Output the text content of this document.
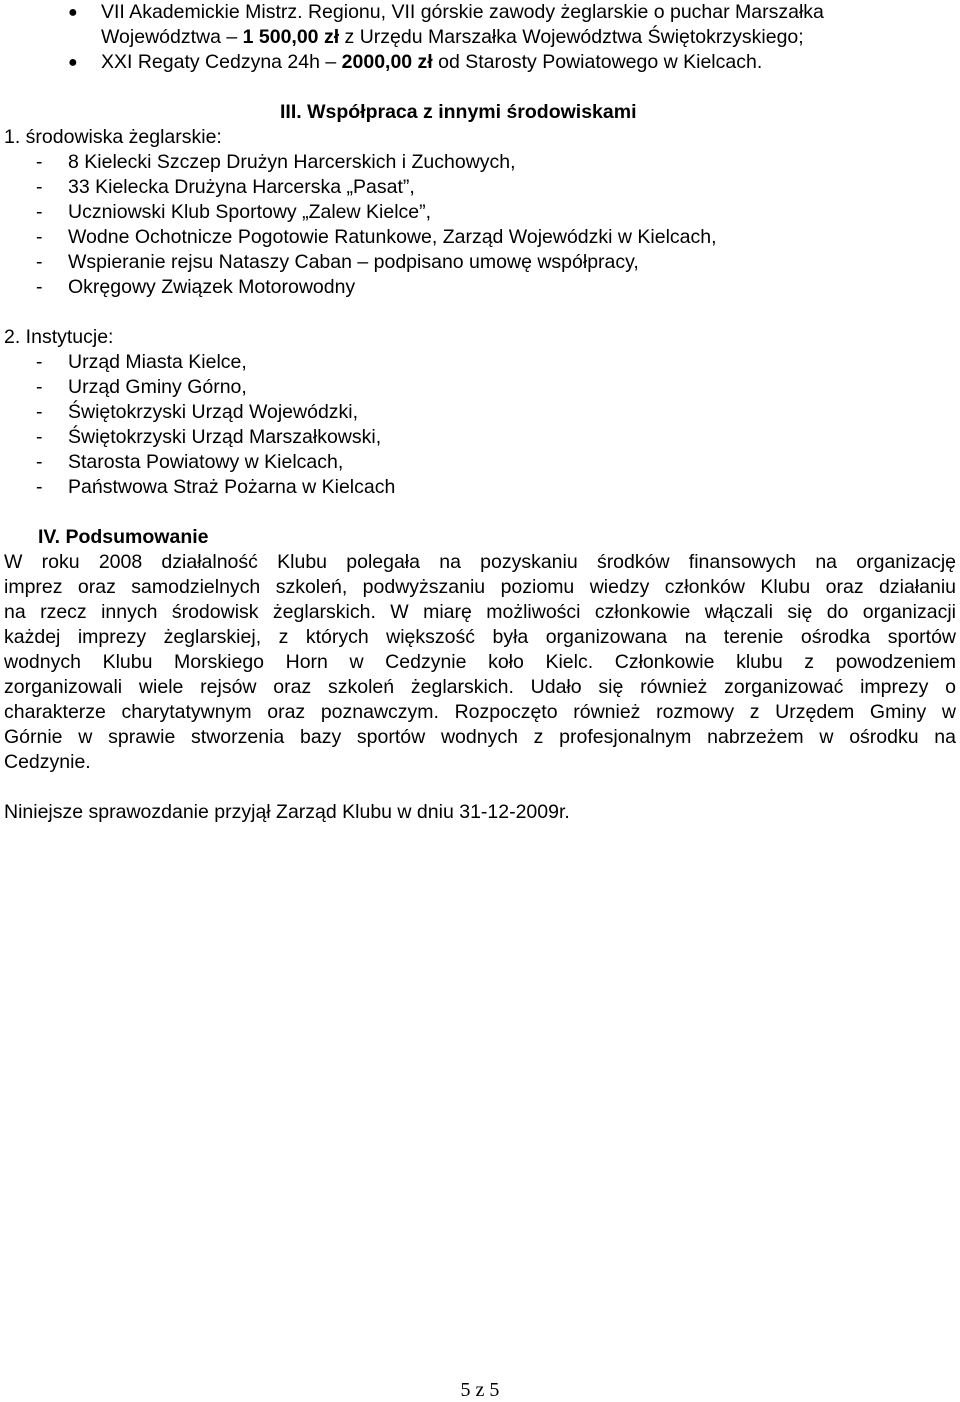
● VII Akademickie Mistrz. Regionu, VII górskie zawody żeglarskie o puchar Marszałka
Województwa – 1 500,00 zł z Urzędu Marszałka Województwa Świętokrzyskiego;
● XXI Regaty Cedzyna 24h – 2000,00 zł od Starosty Powiatowego w Kielcach.
III. Współpraca z innymi środowiskami
1. środowiska żeglarskie:
- 8 Kielecki Szczep Drużyn Harcerskich i Zuchowych,
- 33 Kielecka Drużyna Harcerska „Pasat”,
- Uczniowski Klub Sportowy „Zalew Kielce”,
- Wodne Ochotnicze Pogotowie Ratunkowe, Zarząd Wojewódzki w Kielcach,
- Wspieranie rejsu Nataszy Caban – podpisano umowę współpracy,
- Okręgowy Związek Motorowodny
2. Instytucje:
- Urząd Miasta Kielce,
- Urząd Gminy Górno,
- Świętokrzyski Urząd Wojewódzki,
- Świętokrzyski Urząd Marszałkowski,
- Starosta Powiatowy w Kielcach,
- Państwowa Straż Pożarna w Kielcach
IV. Podsumowanie
W roku 2008 działalność Klubu polegała na pozyskaniu środków finansowych na organizację
imprez oraz samodzielnych szkoleń, podwyższaniu poziomu wiedzy członków Klubu oraz działaniu
na rzecz innych środowisk żeglarskich. W miarę możliwości członkowie włączali się do organizacji
każdej imprezy żeglarskiej, z których większość była organizowana na terenie ośrodka sportów
wodnych Klubu Morskiego Horn w Cedzynie koło Kielc. Członkowie klubu z powodzeniem
zorganizowali wiele rejsów oraz szkoleń żeglarskich. Udało się również zorganizować imprezy o
charakterze charytatywnym oraz poznawczym. Rozpoczęto również rozmowy z Urzędem Gminy w
Górnie w sprawie stworzenia bazy sportów wodnych z profesjonalnym nabrzeżem w ośrodku na
Cedzynie.
Niniejsze sprawozdanie przyjął Zarząd Klubu w dniu 31-12-2009r.
5 z 5
